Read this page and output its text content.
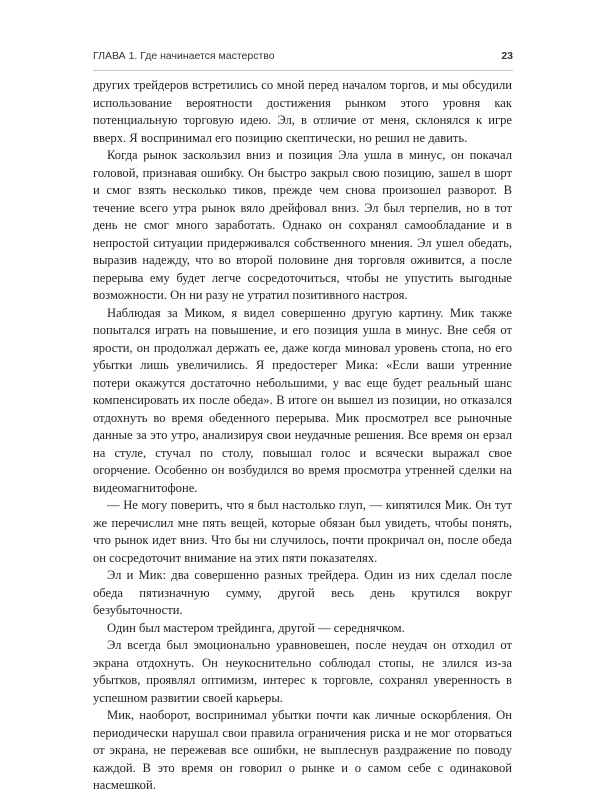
ГЛАВА 1. Где начинается мастерство	23

других трейдеров встретились со мной перед началом торгов, и мы обсудили использование вероятности достижения рынком этого уровня как потенциальную торговую идею. Эл, в отличие от меня, склонялся к игре вверх. Я воспринимал его позицию скептически, но решил не давить.

Когда рынок заскользил вниз и позиция Эла ушла в минус, он покачал головой, признавая ошибку. Он быстро закрыл свою позицию, зашел в шорт и смог взять несколько тиков, прежде чем снова произошел разворот. В течение всего утра рынок вяло дрейфовал вниз. Эл был терпелив, но в тот день не смог много заработать. Однако он сохранял самообладание и в непростой ситуации придерживался собственного мнения. Эл ушел обедать, выразив надежду, что во второй половине дня торговля оживится, а после перерыва ему будет легче сосредоточиться, чтобы не упустить выгодные возможности. Он ни разу не утратил позитивного настроя.

Наблюдая за Миком, я видел совершенно другую картину. Мик также попытался играть на повышение, и его позиция ушла в минус. Вне себя от ярости, он продолжал держать ее, даже когда миновал уровень стопа, но его убытки лишь увеличились. Я предостерег Мика: «Если ваши утренние потери окажутся достаточно небольшими, у вас еще будет реальный шанс компенсировать их после обеда». В итоге он вышел из позиции, но отказался отдохнуть во время обеденного перерыва. Мик просмотрел все рыночные данные за это утро, анализируя свои неудачные решения. Все время он ерзал на стуле, стучал по столу, повышал голос и всячески выражал свое огорчение. Особенно он возбудился во время просмотра утренней сделки на видеомагнитофоне.

— Не могу поверить, что я был настолько глуп, — кипятился Мик. Он тут же перечислил мне пять вещей, которые обязан был увидеть, чтобы понять, что рынок идет вниз. Что бы ни случилось, почти прокричал он, после обеда он сосредоточит внимание на этих пяти показателях.

Эл и Мик: два совершенно разных трейдера. Один из них сделал после обеда пятизначную сумму, другой весь день крутился вокруг безубыточности.

Один был мастером трейдинга, другой — середнячком.

Эл всегда был эмоционально уравновешен, после неудач он отходил от экрана отдохнуть. Он неукоснительно соблюдал стопы, не злился из-за убытков, проявлял оптимизм, интерес к торговле, сохранял уверенность в успешном развитии своей карьеры.

Мик, наоборот, воспринимал убытки почти как личные оскорбления. Он периодически нарушал свои правила ограничения риска и не мог оторваться от экрана, не пережевав все ошибки, не выплеснув раздражение по поводу каждой. В это время он говорил о рынке и о самом себе с одинаковой насмешкой.
